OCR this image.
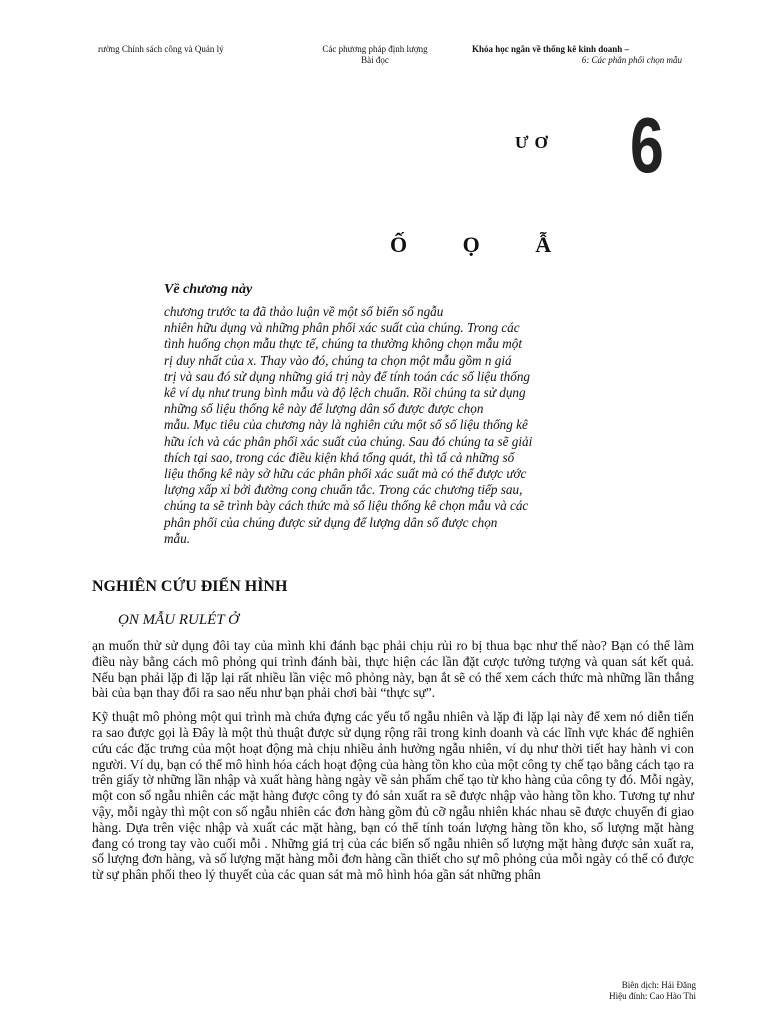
rường Chính sách công và Quản lý	Các phương pháp định lượng
Bài đọc
Khóa học ngắn về thống kê kinh doanh –
6: Các phân phối chọn mẫu
ƯƠ 6
Ố Ọ Ẫ
Về chương này
chương trước ta đã thảo luận về một số biến số ngẫu
nhiên hữu dụng và những phân phối xác suất của chúng. Trong các
tình huống chọn mẫu thực tế, chúng ta thường không chọn mẫu một
rị duy nhất của x. Thay vào đó, chúng ta chọn một mẫu gồm n giá
trị và sau đó sử dụng những giá trị này để tính toán các số liệu thống
kê ví dụ như trung bình mẫu và độ lệch chuẩn. Rồi chúng ta sử dụng
những số liệu thống kê này để lượng dân số được được chọn
mẫu. Mục tiêu của chương này là nghiên cứu một số số liệu thống kê
hữu ích và các phân phối xác suất của chúng. Sau đó chúng ta sẽ giải
thích tại sao, trong các điều kiện khá tổng quát, thì tấ cả những số
liệu thống kê này sở hữu các phân phối xác suất mà có thể được ước
lượng xấp xỉ bởi đường cong chuẩn tắc. Trong các chương tiếp sau,
chúng ta sẽ trình bày cách thức mà số liệu thống kê chọn mẫu và các
phân phối của chúng được sử dụng để lượng dân số được chọn
mẫu.
NGHIÊN CỨU ĐIỂN HÌNH
ỌN MẪU RULÉT Ở

ạn muốn thử sử dụng đôi tay của mình khi đánh bạc phải chịu rủi ro bị thua bạc như thế nào? Bạn có thể làm điều này bằng cách mô phỏng qui trình đánh bài, thực hiện các lần đặt cược tưởng tượng và quan sát kết quả. Nếu bạn phải lặp đi lặp lại rất nhiều lần việc mô phỏng này, bạn ắt sẽ có thể xem cách thức mà những lần thắng bài của bạn thay đổi ra sao nếu như bạn phải chơi bài “thực sự”.

Kỹ thuật mô phỏng một qui trình mà chứa đựng các yếu tố ngẫu nhiên và lặp đi lặp lại này để xem nó diễn tiến ra sao được gọi là Đây là một thủ thuật được sử dụng rộng rãi trong kinh doanh và các lĩnh vực khác để nghiên cứu các đặc trưng của một hoạt động mà chịu nhiều ảnh hưởng ngẫu nhiên, ví dụ như thời tiết hay hành vi con người. Ví dụ, bạn có thể mô hình hóa cách hoạt động của hàng tồn kho của một công ty chế tạo bằng cách tạo ra trên giấy tờ những lần nhập và xuất hàng hàng ngày về sản phẩm chế tạo từ kho hàng của công ty đó. Mỗi ngày, một con số ngẫu nhiên các mặt hàng được công ty đó sản xuất ra sẽ được nhập vào hàng tồn kho. Tương tự như vậy, mỗi ngày thì một con số ngẫu nhiên các đơn hàng gồm đủ cỡ ngẫu nhiên khác nhau sẽ được chuyển đi giao hàng. Dựa trên việc nhập và xuất các mặt hàng, bạn có thể tính toán lượng hàng tồn kho, số lượng mặt hàng đang có trong tay vào cuối mỗi . Những giá trị của các biến số ngẫu nhiên số lượng mặt hàng được sản xuất ra, số lượng đơn hàng, và số lượng mặt hàng mỗi đơn hàng cần thiết cho sự mô phỏng của mỗi ngày có thể có được từ sự phân phối theo lý thuyết của các quan sát mà mô hình hóa gần sát những phân

Biên dịch: Hải Đăng
Hiệu đính: Cao Hào Thi
